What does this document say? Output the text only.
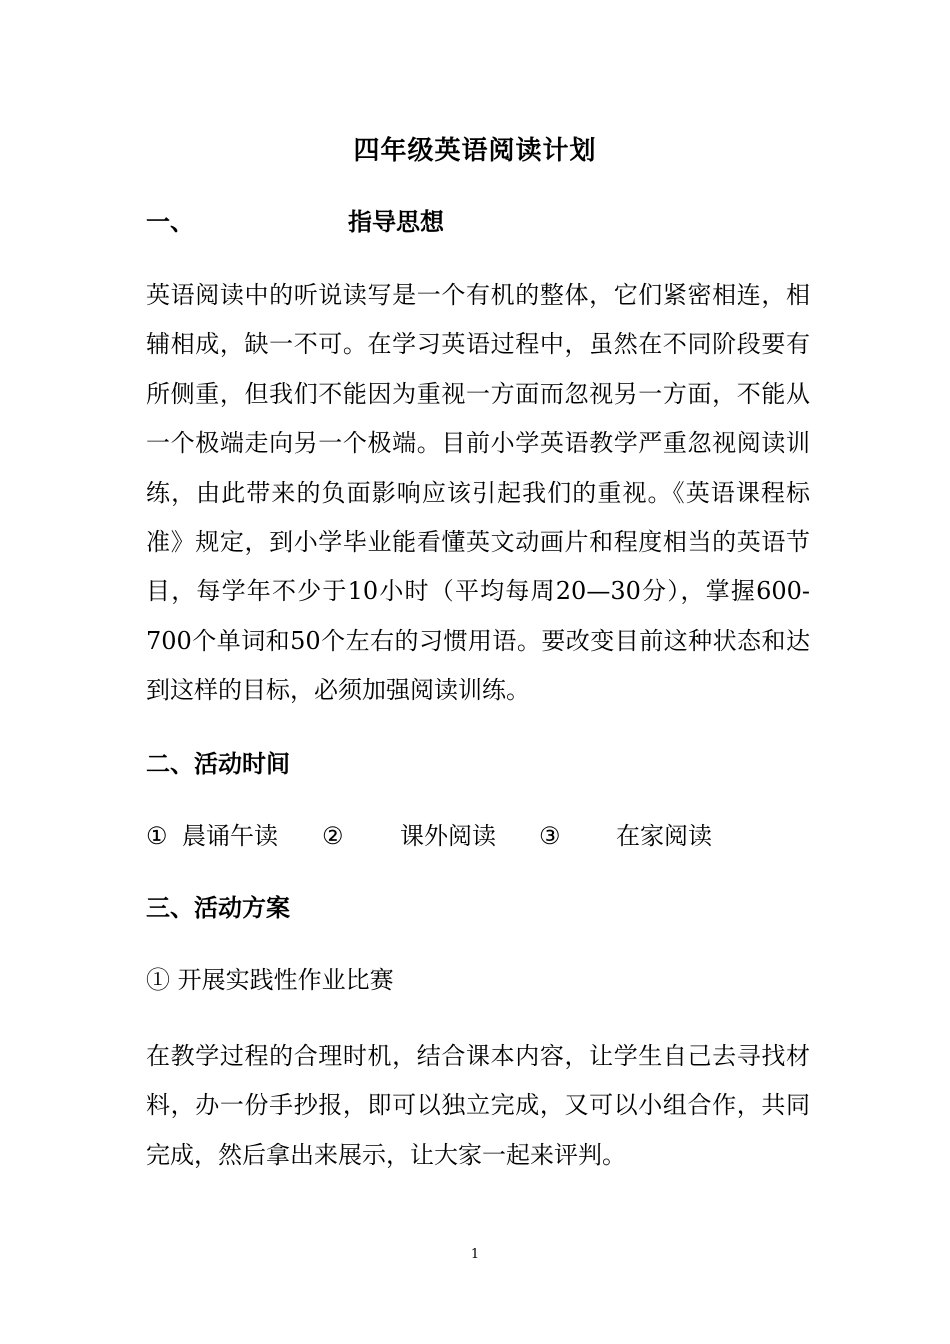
四年级英语阅读计划
一、	指导思想

英语阅读中的听说读写是一个有机的整体，它们紧密相连，相辅相成，缺一不可。在学习英语过程中，虽然在不同阶段要有所侧重，但我们不能因为重视一方面而忽视另一方面，不能从一个极端走向另一个极端。目前小学英语教学严重忽视阅读训练，由此带来的负面影响应该引起我们的重视。《英语课程标准》规定，到小学毕业能看懂英文动画片和程度相当的英语节目，每学年不少于10小时（平均每周20—30分），掌握600-700个单词和50个左右的习惯用语。要改变目前这种状态和达到这样的目标，必须加强阅读训练。

二、活动时间
① 晨诵午读 ② 课外阅读 ③ 在家阅读
三、活动方案
① 开展实践性作业比赛

在教学过程的合理时机，结合课本内容，让学生自己去寻找材料，办一份手抄报，即可以独立完成，又可以小组合作，共同完成，然后拿出来展示，让大家一起来评判。

1
